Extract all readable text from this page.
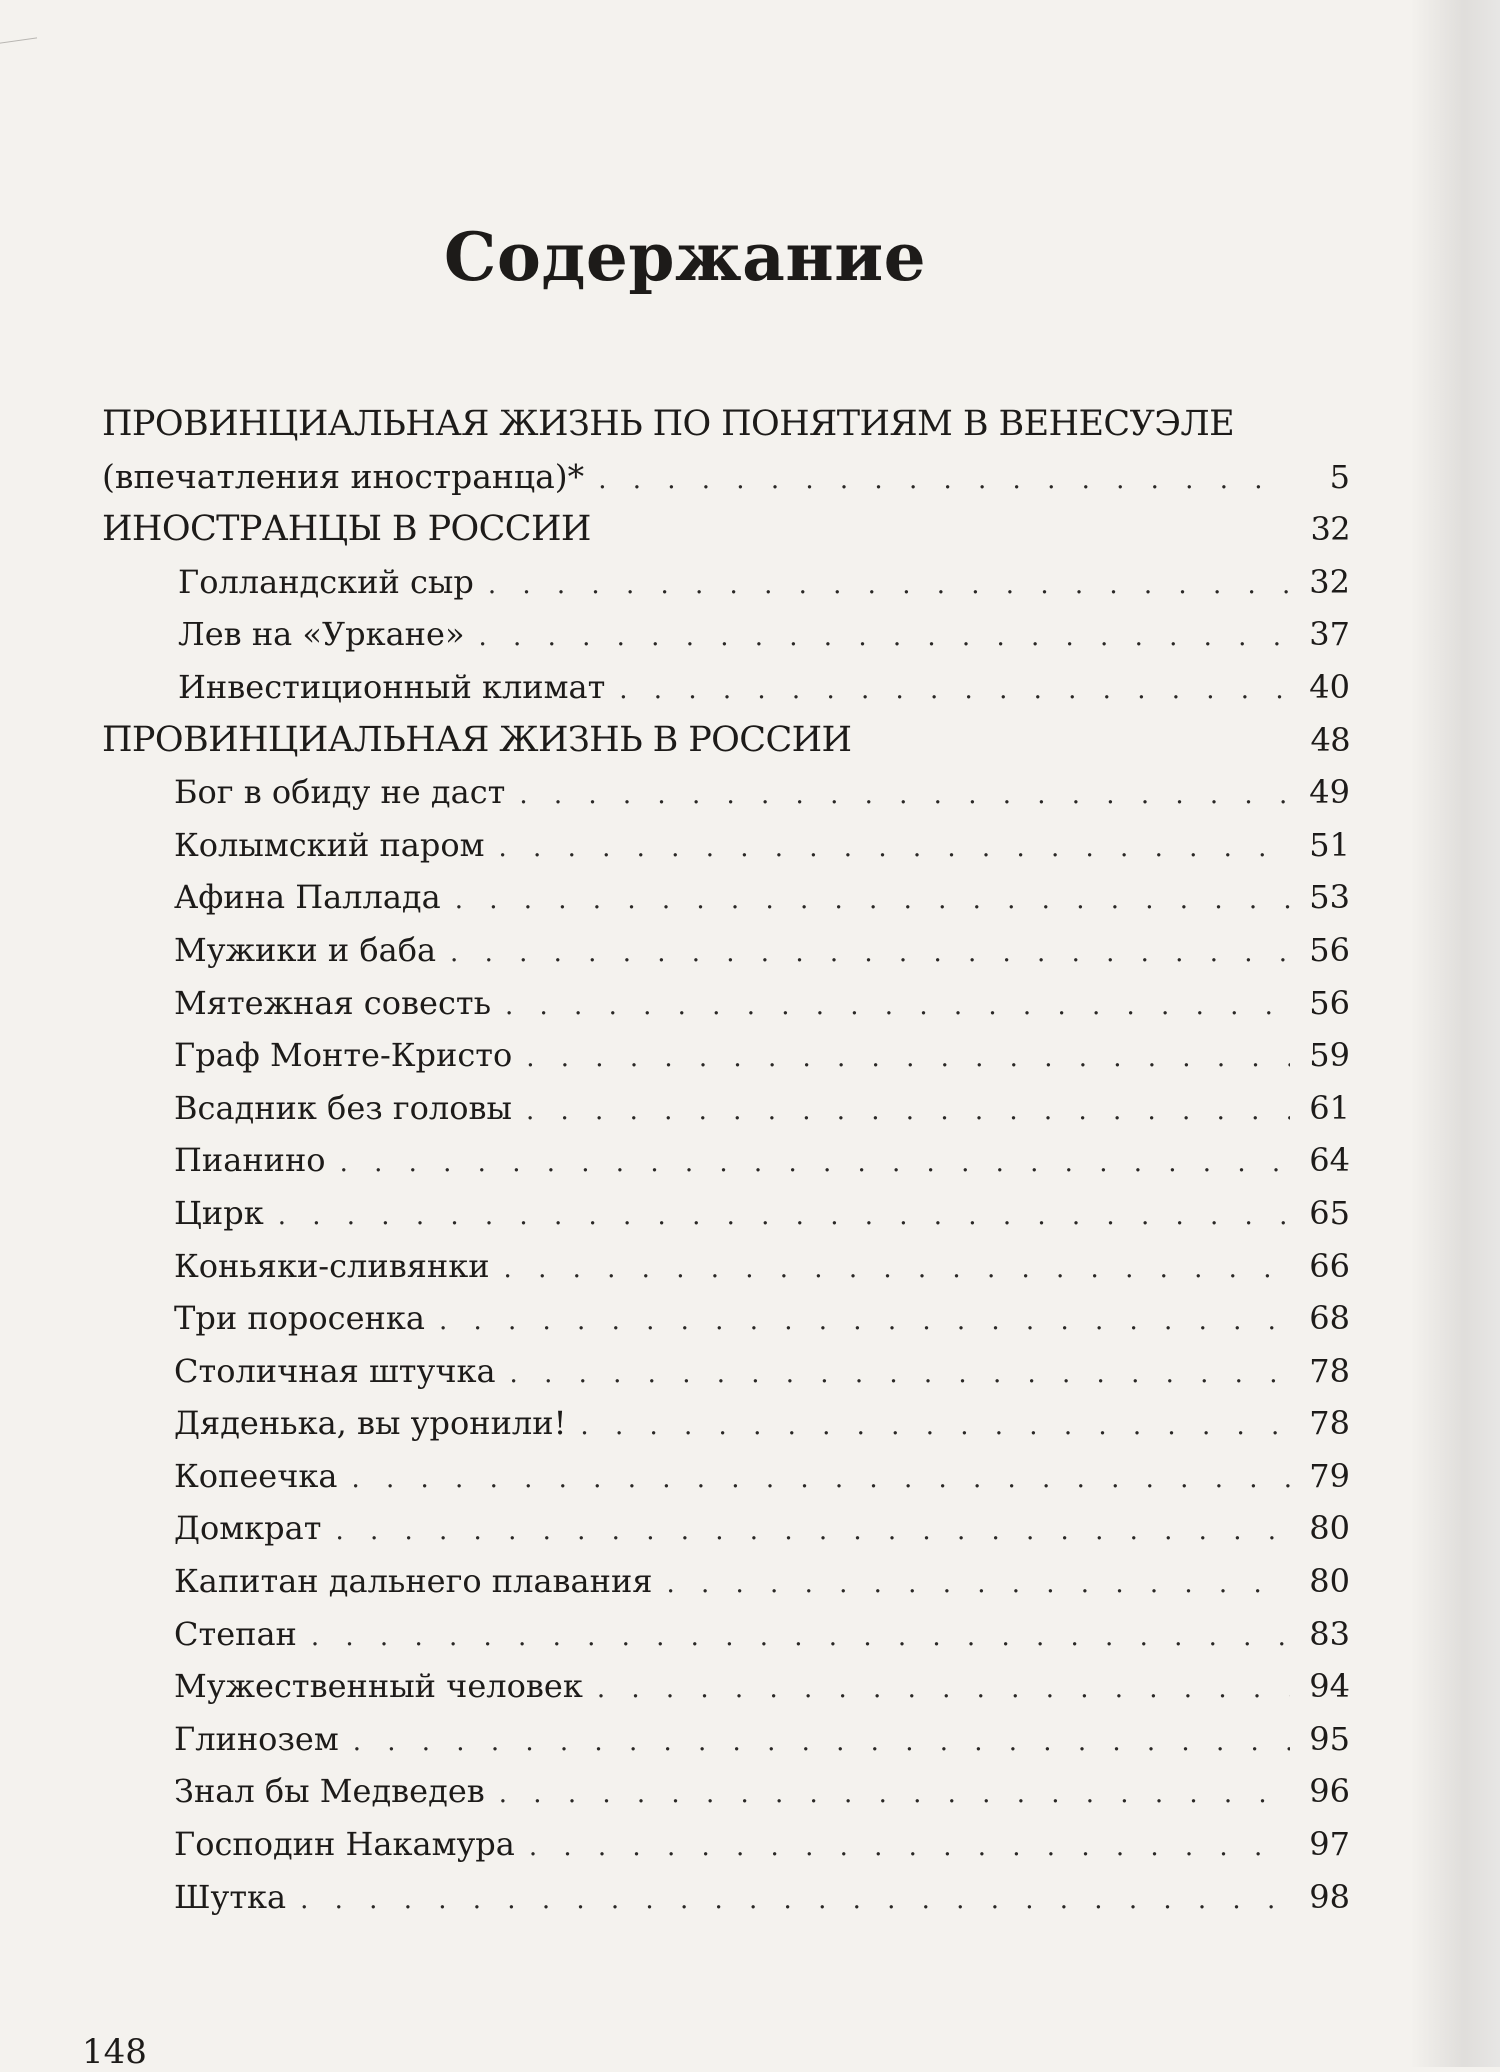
Содержание
ПРОВИНЦИАЛЬНАЯ ЖИЗНЬ ПО ПОНЯТИЯМ В ВЕНЕСУЭЛЕ
(впечатления иностранца)* . . .	5
ИНОСТРАНЦЫ В РОССИИ	32
Голландский сыр . . .	32
Лев на «Уркане» . . .	37
Инвестиционный климат . . .	40
ПРОВИНЦИАЛЬНАЯ ЖИЗНЬ В РОССИИ	48
Бог в обиду не даст . . .	49
Колымский паром . . .	51
Афина Паллада . . .	53
Мужики и баба . . .	56
Мятежная совесть . . .	56
Граф Монте-Кристо . . .	59
Всадник без головы . . .	61
Пианино . . .	64
Цирк . . .	65
Коньяки-сливянки . . .	66
Три поросенка . . .	68
Столичная штучка . . .	78
Дяденька, вы уронили! . . .	78
Копеечка . . .	79
Домкрат . . .	80
Капитан дальнего плавания . . .	80
Степан . . .	83
Мужественный человек . . .	94
Глинозем . . .	95
Знал бы Медведев . . .	96
Господин Накамура . . .	97
Шутка . . .	98
148
